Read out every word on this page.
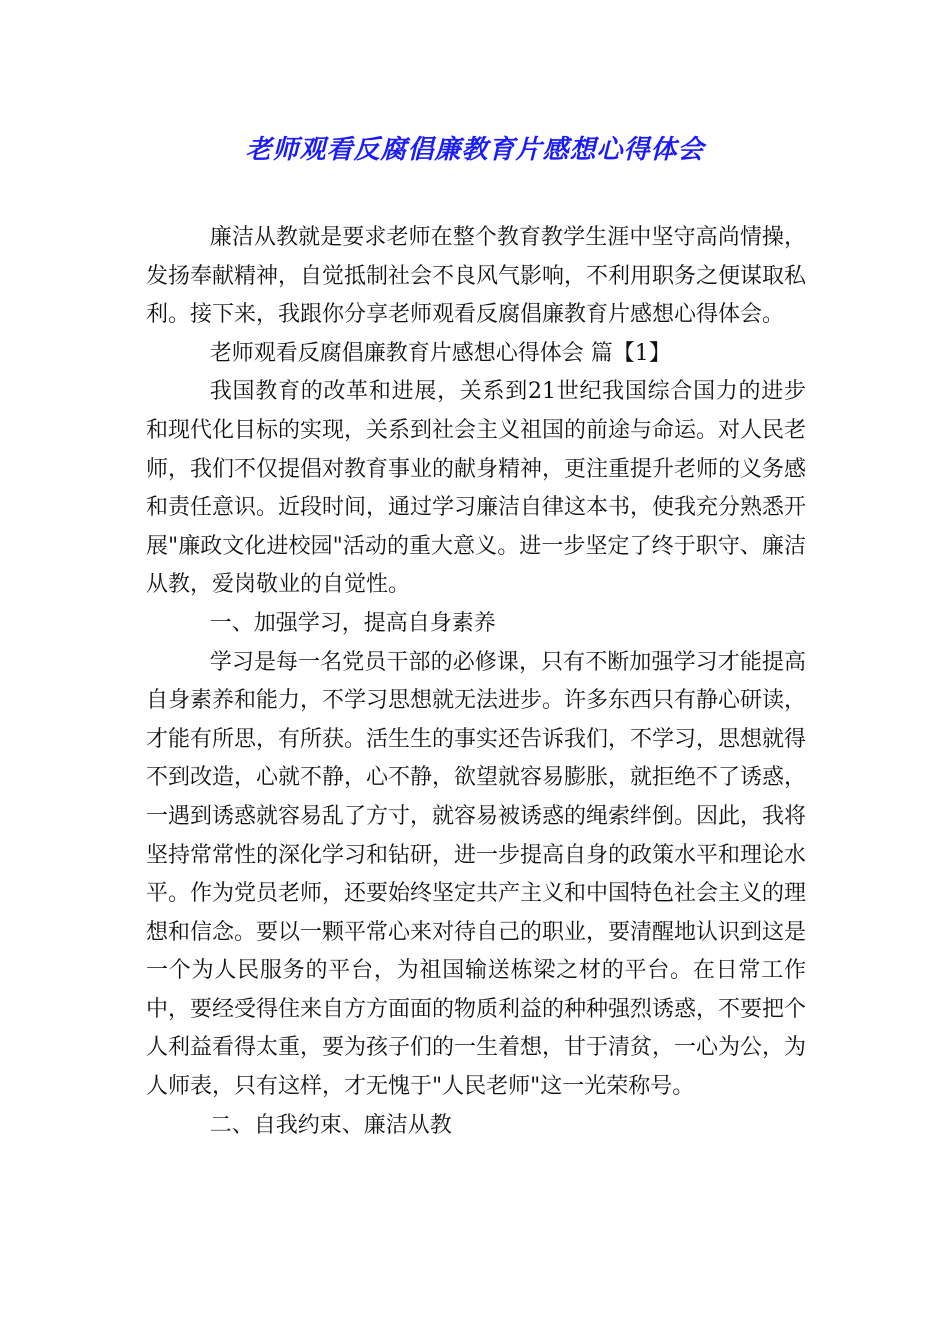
老师观看反腐倡廉教育片感想心得体会

廉洁从教就是要求老师在整个教育教学生涯中坚守高尚情操，发扬奉献精神，自觉抵制社会不良风气影响，不利用职务之便谋取私利。接下来，我跟你分享老师观看反腐倡廉教育片感想心得体会。

老师观看反腐倡廉教育片感想心得体会 篇【1】

我国教育的改革和进展，关系到21世纪我国综合国力的进步和现代化目标的实现，关系到社会主义祖国的前途与命运。对人民老师，我们不仅提倡对教育事业的献身精神，更注重提升老师的义务感和责任意识。近段时间，通过学习廉洁自律这本书，使我充分熟悉开展"廉政文化进校园"活动的重大意义。进一步坚定了终于职守、廉洁从教，爱岗敬业的自觉性。

一、加强学习，提高自身素养

学习是每一名党员干部的必修课，只有不断加强学习才能提高自身素养和能力，不学习思想就无法进步。许多东西只有静心研读，才能有所思，有所获。活生生的事实还告诉我们，不学习，思想就得不到改造，心就不静，心不静，欲望就容易膨胀，就拒绝不了诱惑，一遇到诱惑就容易乱了方寸，就容易被诱惑的绳索绊倒。因此，我将坚持常常性的深化学习和钻研，进一步提高自身的政策水平和理论水平。作为党员老师，还要始终坚定共产主义和中国特色社会主义的理想和信念。要以一颗平常心来对待自己的职业，要清醒地认识到这是一个为人民服务的平台，为祖国输送栋梁之材的平台。在日常工作中，要经受得住来自方方面面的物质利益的种种强烈诱惑，不要把个人利益看得太重，要为孩子们的一生着想，甘于清贫，一心为公，为人师表，只有这样，才无愧于"人民老师"这一光荣称号。

二、自我约束、廉洁从教
